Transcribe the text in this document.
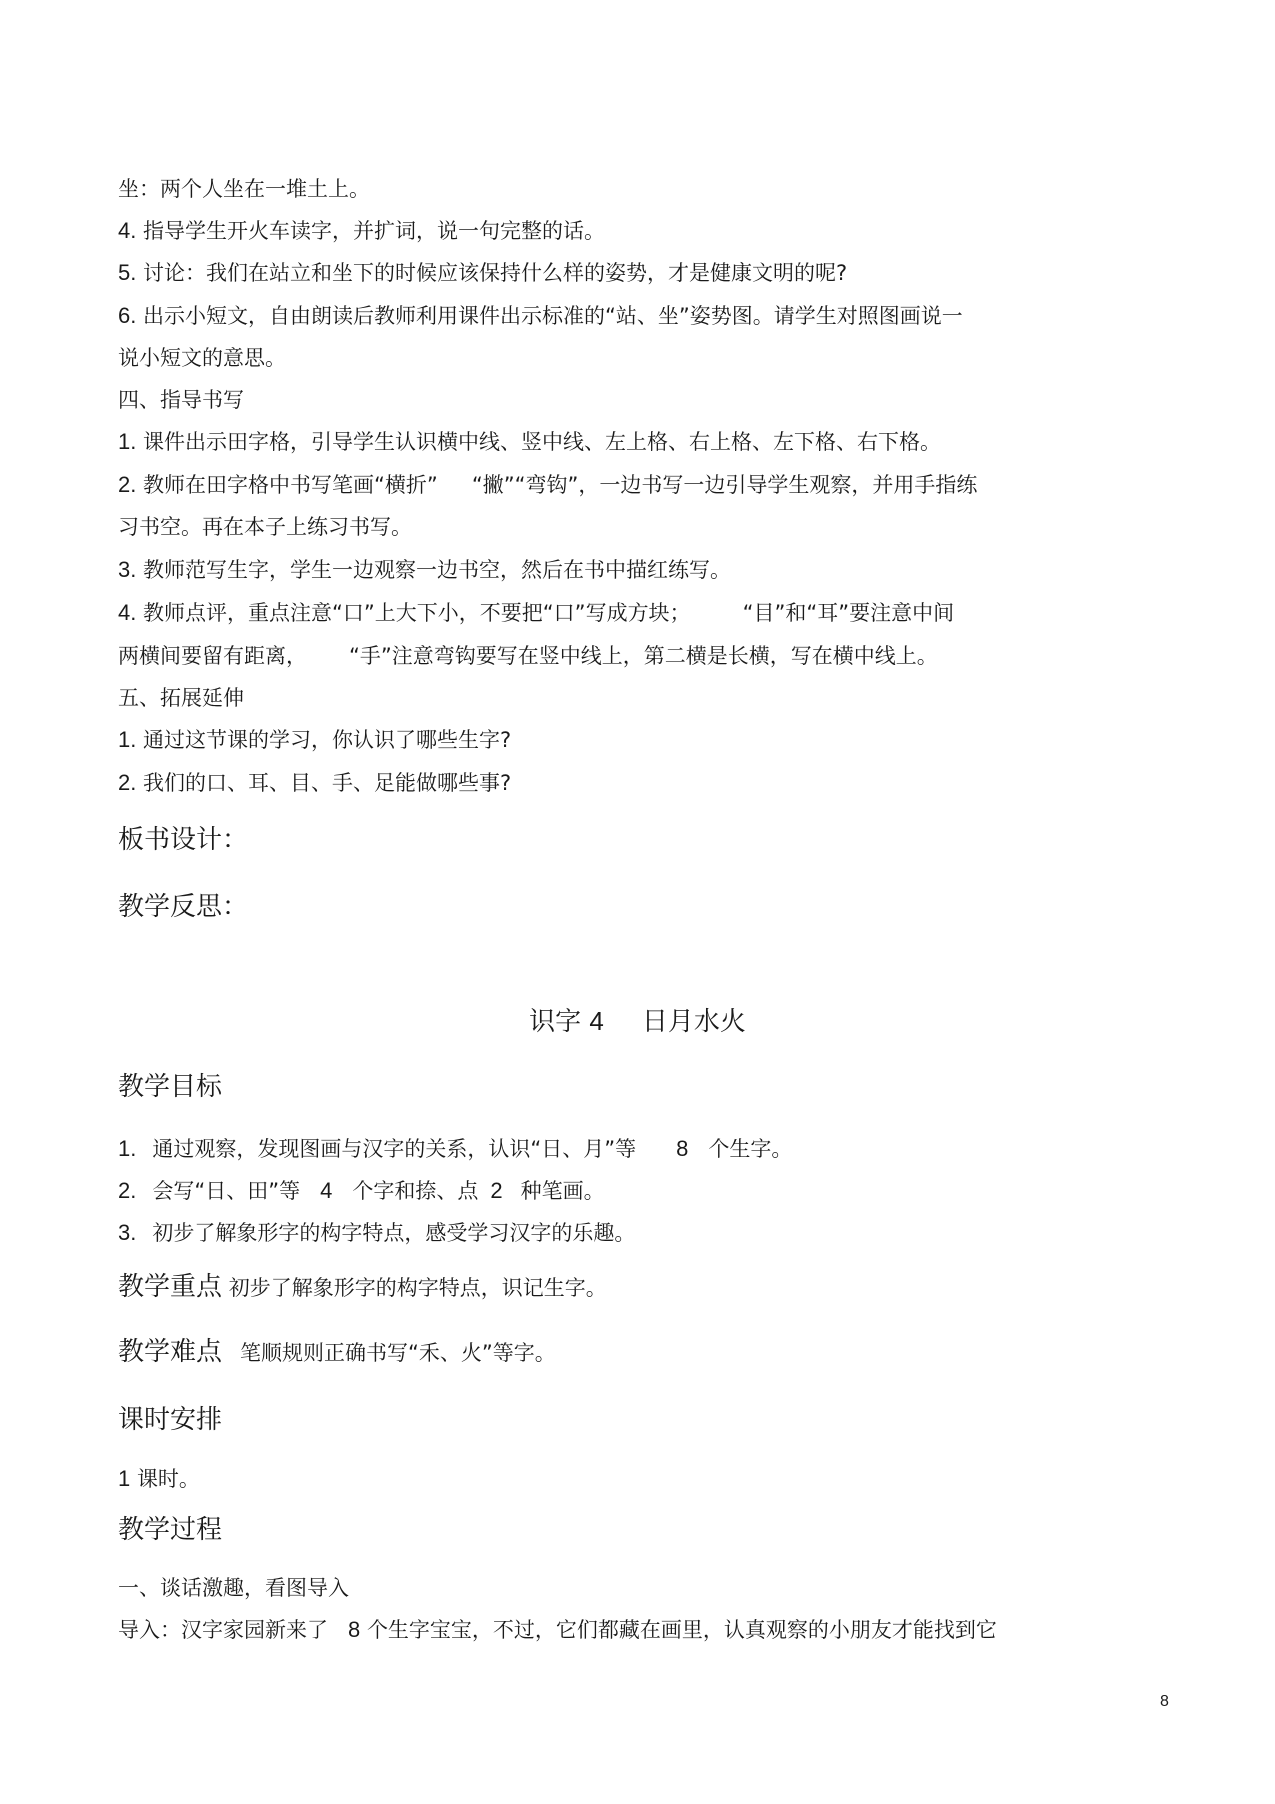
坐：两个人坐在一堆土上。
4. 指导学生开火车读字，并扩词，说一句完整的话。
5. 讨论：我们在站立和坐下的时候应该保持什么样的姿势，才是健康文明的呢?
6. 出示小短文，自由朗读后教师利用课件出示标准的“站、坐”姿势图。请学生对照图画说一
说小短文的意思。
四、指导书写
1. 课件出示田字格，引导学生认识横中线、竖中线、左上格、右上格、左下格、右下格。
2. 教师在田字格中书写笔画“横折” “撇”“弯钩”，一边书写一边引导学生观察，并用手指练
习书空。再在本子上练习书写。
3. 教师范写生字，学生一边观察一边书空，然后在书中描红练写。
4. 教师点评，重点注意“口”上大下小，不要把“口”写成方块； “目”和“耳”要注意中间
两横间要留有距离， “手”注意弯钩要写在竖中线上，第二横是长横，写在横中线上。
五、拓展延伸
1. 通过这节课的学习，你认识了哪些生字?
2. 我们的口、耳、目、手、足能做哪些事?
板书设计：
教学反思：
识字 4 日月水火
教学目标
1. 通过观察，发现图画与汉字的关系，认识“日、月”等 8 个生字。
2. 会写“日、田”等 4 个字和捺、点 2 种笔画。
3. 初步了解象形字的构字特点，感受学习汉字的乐趣。
教学重点 初步了解象形字的构字特点，识记生字。
教学难点 笔顺规则正确书写“禾、火”等字。
课时安排
1 课时。
教学过程
一、谈话激趣，看图导入
导入：汉字家园新来了 8 个生字宝宝，不过，它们都藏在画里，认真观察的小朋友才能找到它
8
